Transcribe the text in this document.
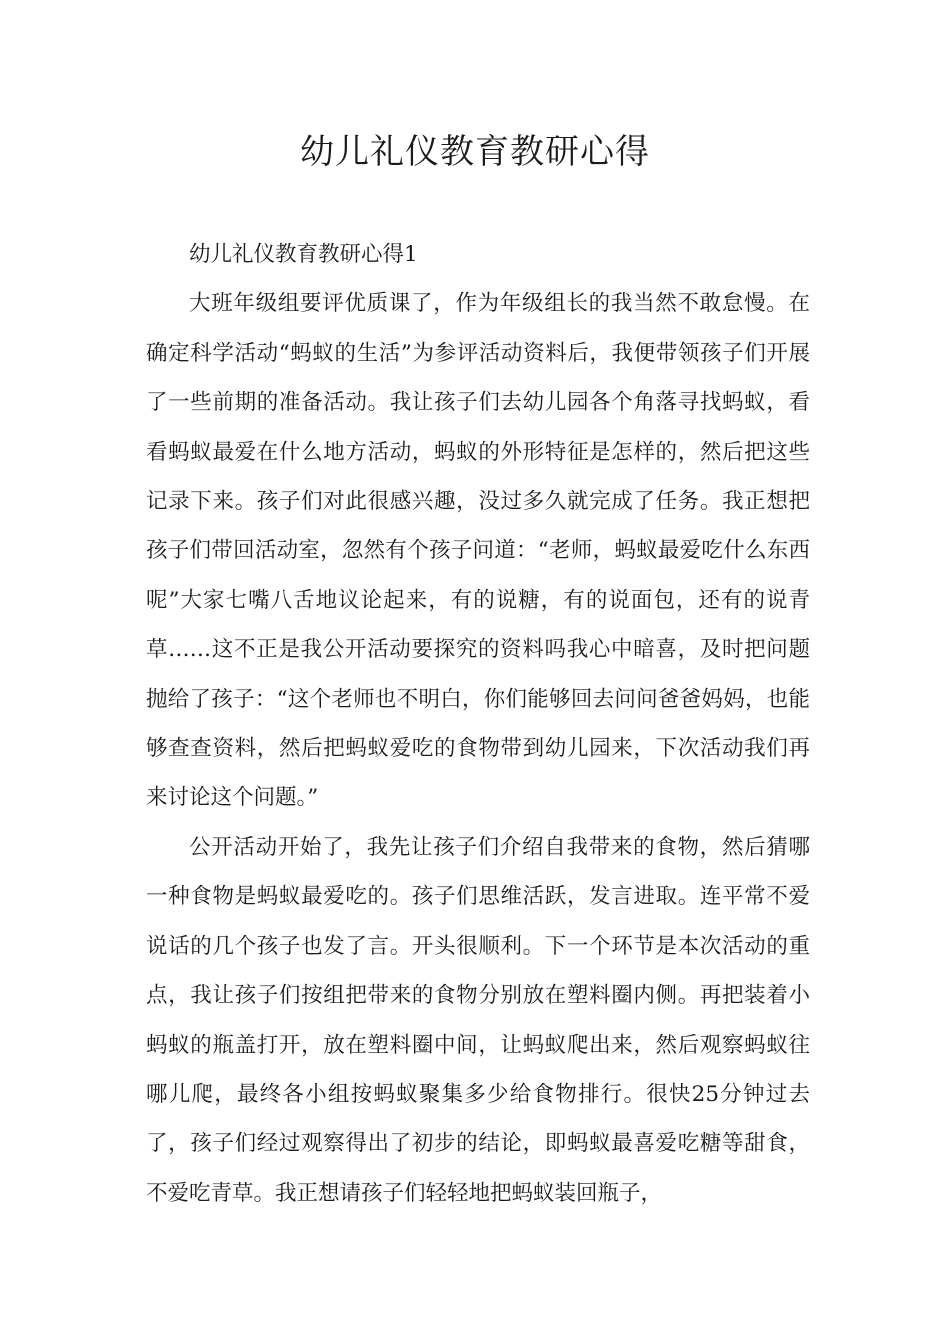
幼儿礼仪教育教研心得

幼儿礼仪教育教研心得1

大班年级组要评优质课了，作为年级组长的我当然不敢怠慢。在确定科学活动“蚂蚁的生活”为参评活动资料后，我便带领孩子们开展了一些前期的准备活动。我让孩子们去幼儿园各个角落寻找蚂蚁，看看蚂蚁最爱在什么地方活动，蚂蚁的外形特征是怎样的，然后把这些记录下来。孩子们对此很感兴趣，没过多久就完成了任务。我正想把孩子们带回活动室，忽然有个孩子问道：“老师，蚂蚁最爱吃什么东西呢”大家七嘴八舌地议论起来，有的说糖，有的说面包，还有的说青草……这不正是我公开活动要探究的资料吗我心中暗喜，及时把问题抛给了孩子：“这个老师也不明白，你们能够回去问问爸爸妈妈，也能够查查资料，然后把蚂蚁爱吃的食物带到幼儿园来，下次活动我们再来讨论这个问题。”

公开活动开始了，我先让孩子们介绍自我带来的食物，然后猜哪一种食物是蚂蚁最爱吃的。孩子们思维活跃，发言进取。连平常不爱说话的几个孩子也发了言。开头很顺利。下一个环节是本次活动的重点，我让孩子们按组把带来的食物分别放在塑料圈内侧。再把装着小蚂蚁的瓶盖打开，放在塑料圈中间，让蚂蚁爬出来，然后观察蚂蚁往哪儿爬，最终各小组按蚂蚁聚集多少给食物排行。很快25分钟过去了，孩子们经过观察得出了初步的结论，即蚂蚁最喜爱吃糖等甜食，不爱吃青草。我正想请孩子们轻轻地把蚂蚁装回瓶子，
